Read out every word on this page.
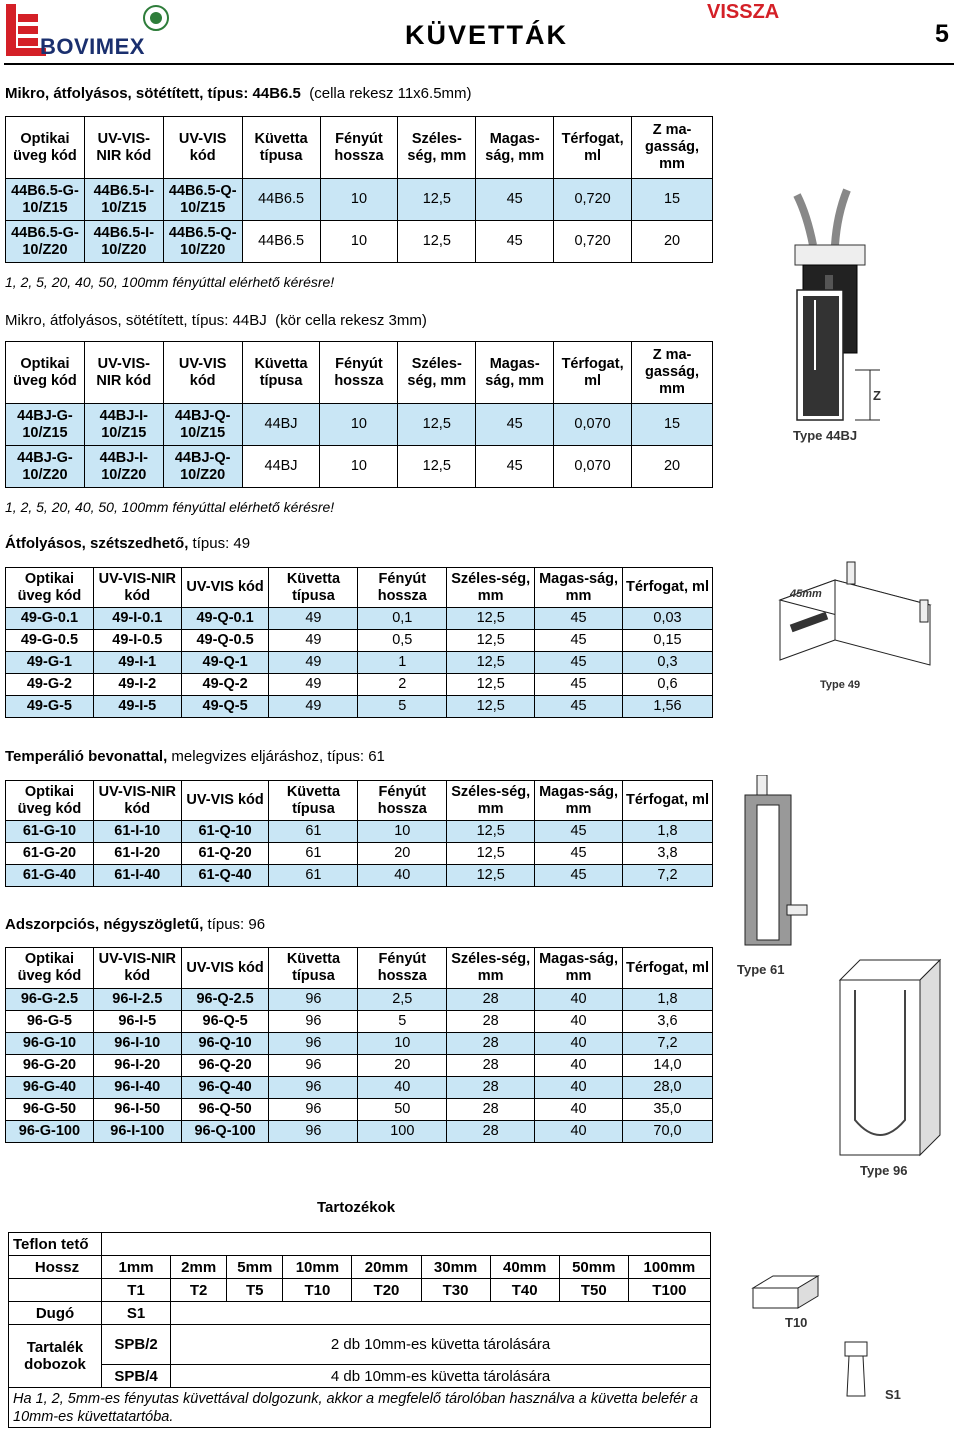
BOVIMEX	KÜVETTÁK
VISSZA
5
Mikro, átfolyásos, sötétített, típus: 44B6.5 (cella rekesz 11x6.5mm)
Optikai üveg kód	UV-VIS-NIR kód	UV-VIS kód	Küvetta típusa	Fényút hossza	Széles-ség, mm	Magas-ság, mm	Térfogat, ml	Z ma-gasság, mm
44B6.5-G-10/Z15	44B6.5-I-10/Z15	44B6.5-Q-10/Z15	44B6.5	10	12,5	45	0,720	15
44B6.5-G-10/Z20	44B6.5-I-10/Z20	44B6.5-Q-10/Z20	44B6.5	10	12,5	45	0,720	20
1, 2, 5, 20, 40, 50, 100mm fényúttal elérhető kérésre!
Mikro, átfolyásos, sötétített, típus: 44BJ (kör cella rekesz 3mm)
Optikai üveg kód	UV-VIS-NIR kód	UV-VIS kód	Küvetta típusa	Fényút hossza	Széles-ség, mm	Magas-ság, mm	Térfogat, ml	Z ma-gasság, mm
44BJ-G-10/Z15	44BJ-I-10/Z15	44BJ-Q-10/Z15	44BJ	10	12,5	45	0,070	15
44BJ-G-10/Z20	44BJ-I-10/Z20	44BJ-Q-10/Z20	44BJ	10	12,5	45	0,070	20
1, 2, 5, 20, 40, 50, 100mm fényúttal elérhető kérésre!
Átfolyásos, szétszedhető, típus: 49
Optikai üveg kód	UV-VIS-NIR kód	UV-VIS kód	Küvetta típusa	Fényút hossza	Széles-ség, mm	Magas-ság, mm	Térfogat, ml
49-G-0.1	49-I-0.1	49-Q-0.1	49	0,1	12,5	45	0,03
49-G-0.5	49-I-0.5	49-Q-0.5	49	0,5	12,5	45	0,15
49-G-1	49-I-1	49-Q-1	49	1	12,5	45	0,3
49-G-2	49-I-2	49-Q-2	49	2	12,5	45	0,6
49-G-5	49-I-5	49-Q-5	49	5	12,5	45	1,56
Temperálió bevonattal, melegvizes eljáráshoz, típus: 61
Optikai üveg kód	UV-VIS-NIR kód	UV-VIS kód	Küvetta típusa	Fényút hossza	Széles-ség, mm	Magas-ság, mm	Térfogat, ml
61-G-10	61-I-10	61-Q-10	61	10	12,5	45	1,8
61-G-20	61-I-20	61-Q-20	61	20	12,5	45	3,8
61-G-40	61-I-40	61-Q-40	61	40	12,5	45	7,2
Adszorpciós, négyszögletű, típus: 96
Optikai üveg kód	UV-VIS-NIR kód	UV-VIS kód	Küvetta típusa	Fényút hossza	Széles-ség, mm	Magas-ság, mm	Térfogat, ml
96-G-2.5	96-I-2.5	96-Q-2.5	96	2,5	28	40	1,8
96-G-5	96-I-5	96-Q-5	96	5	28	40	3,6
96-G-10	96-I-10	96-Q-10	96	10	28	40	7,2
96-G-20	96-I-20	96-Q-20	96	20	28	40	14,0
96-G-40	96-I-40	96-Q-40	96	40	28	40	28,0
96-G-50	96-I-50	96-Q-50	96	50	28	40	35,0
96-G-100	96-I-100	96-Q-100	96	100	28	40	70,0
Z
Type 44BJ
45mm
Type 49
Type 61
Type 96
T10
S1
Tartozékok
Teflon tető									
Hossz	1mm	2mm	5mm	10mm	20mm	30mm	40mm	50mm	100mm
	T1	T2	T5	T10	T20	T30	T40	T50	T100
Dugó	S1								
Tartalék dobozok	SPB/2	2 db 10mm-es küvetta tárolására							
	SPB/4	4 db 10mm-es küvetta tárolására							
Ha 1, 2, 5mm-es fényutas küvettával dolgozunk, akkor a megfelelő tárolóban használva a küvetta belefér a 10mm-es küvettatartóba.									
